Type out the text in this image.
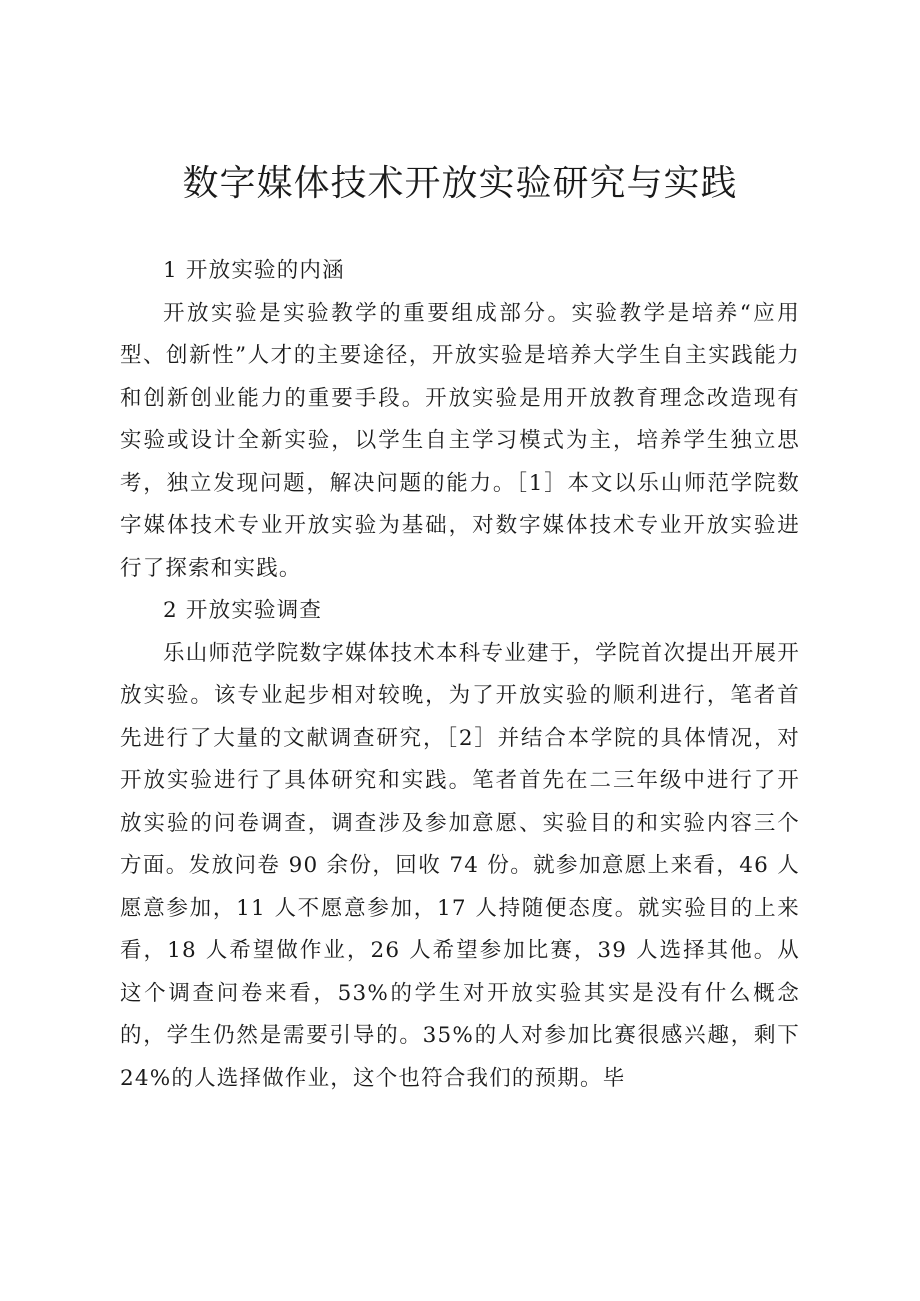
数字媒体技术开放实验研究与实践
1 开放实验的内涵

开放实验是实验教学的重要组成部分。实验教学是培养“应用型、创新性”人才的主要途径，开放实验是培养大学生自主实践能力和创新创业能力的重要手段。开放实验是用开放教育理念改造现有实验或设计全新实验，以学生自主学习模式为主，培养学生独立思考，独立发现问题，解决问题的能力。［1］本文以乐山师范学院数字媒体技术专业开放实验为基础，对数字媒体技术专业开放实验进行了探索和实践。

2 开放实验调查

乐山师范学院数字媒体技术本科专业建于，学院首次提出开展开放实验。该专业起步相对较晚，为了开放实验的顺利进行，笔者首先进行了大量的文献调查研究，［2］并结合本学院的具体情况，对开放实验进行了具体研究和实践。笔者首先在二三年级中进行了开放实验的问卷调查，调查涉及参加意愿、实验目的和实验内容三个方面。发放问卷 90 余份，回收 74 份。就参加意愿上来看，46 人愿意参加，11 人不愿意参加，17 人持随便态度。就实验目的上来看，18 人希望做作业，26 人希望参加比赛，39 人选择其他。从这个调查问卷来看，53%的学生对开放实验其实是没有什么概念的，学生仍然是需要引导的。35%的人对参加比赛很感兴趣，剩下 24%的人选择做作业，这个也符合我们的预期。毕
